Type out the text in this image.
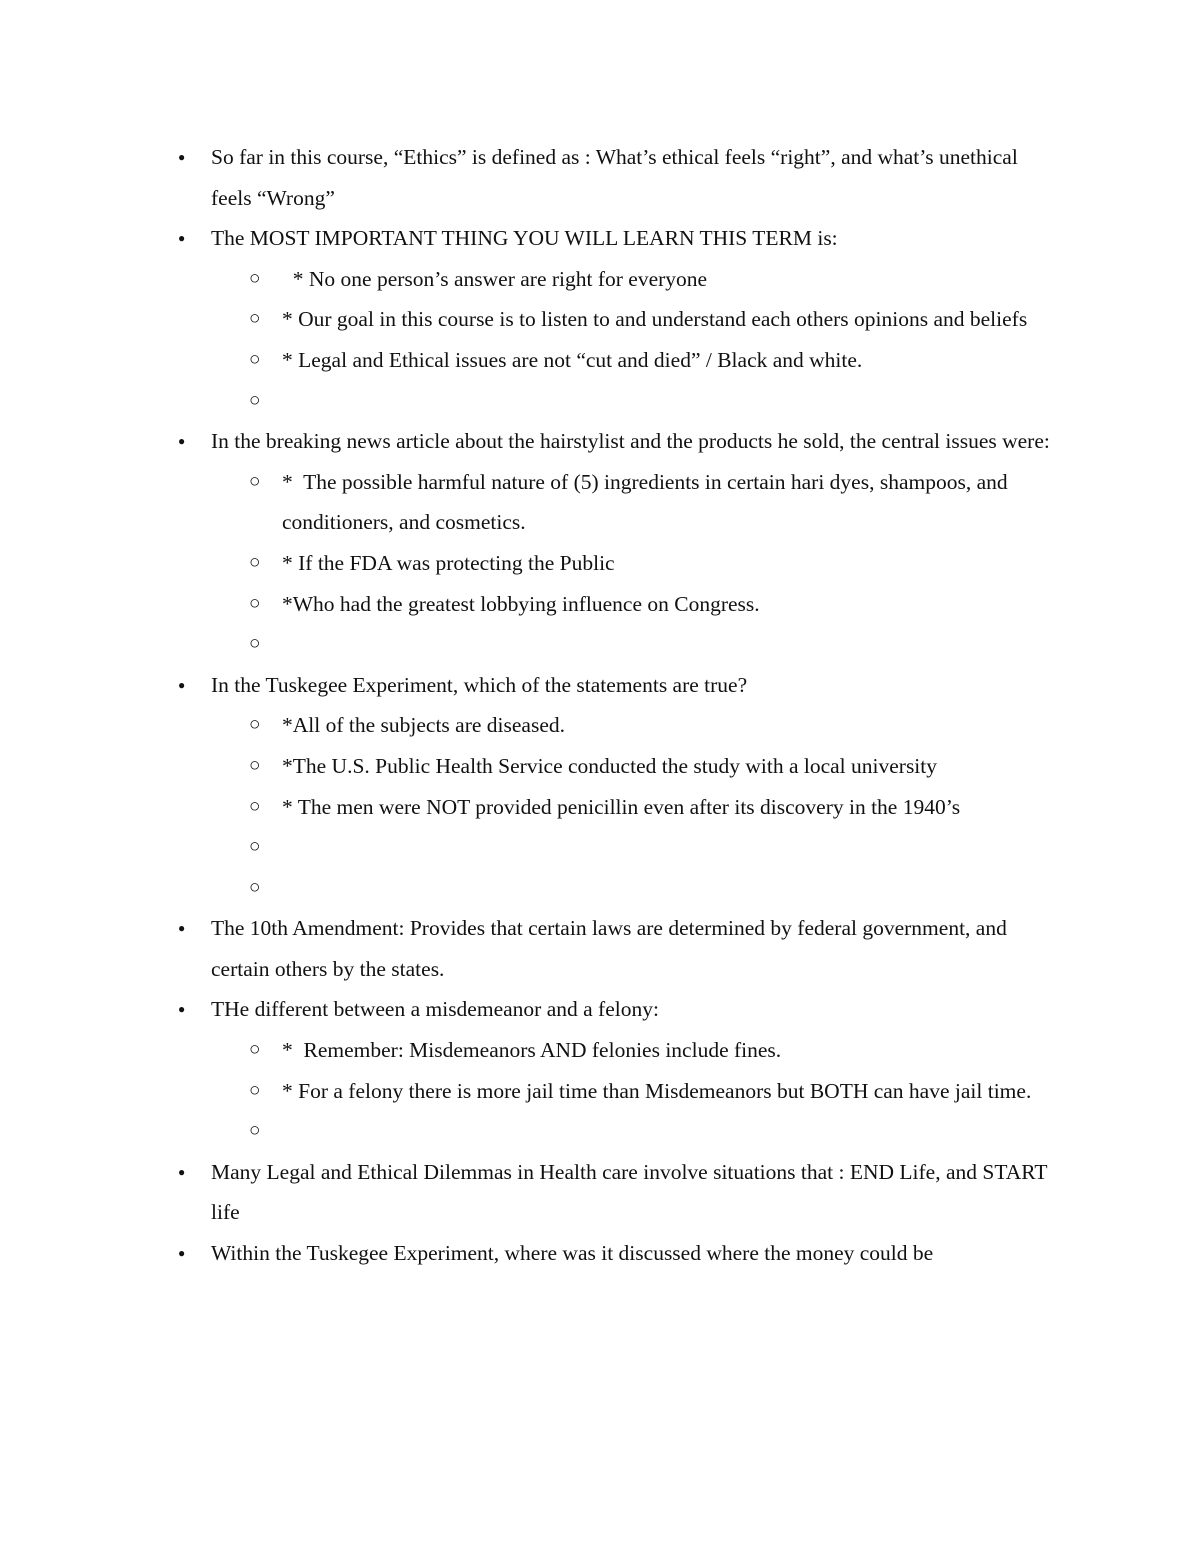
● So far in this course, “Ethics” is defined as : What’s ethical feels “right”, and what’s unethical feels “Wrong”
● The MOST IMPORTANT THING YOU WILL LEARN THIS TERM is:
○ * No one person’s answer are right for everyone
○ * Our goal in this course is to listen to and understand each others opinions and beliefs
○ * Legal and Ethical issues are not “cut and died” / Black and white.
○
● In the breaking news article about the hairstylist and the products he sold, the central issues were:
○ *  The possible harmful nature of (5) ingredients in certain hari dyes, shampoos, and conditioners, and cosmetics.
○ * If the FDA was protecting the Public
○ *Who had the greatest lobbying influence on Congress.
○
● In the Tuskegee Experiment, which of the statements are true?
○ *All of the subjects are diseased.
○ *The U.S. Public Health Service conducted the study with a local university
○ * The men were NOT provided penicillin even after its discovery in the 1940’s
○
○
● The 10th Amendment: Provides that certain laws are determined by federal government, and certain others by the states.
● THe different between a misdemeanor and a felony:
○ *  Remember: Misdemeanors AND felonies include fines.
○ * For a felony there is more jail time than Misdemeanors but BOTH can have jail time.
○
● Many Legal and Ethical Dilemmas in Health care involve situations that : END Life, and START life
● Within the Tuskegee Experiment, where was it discussed where the money could be
